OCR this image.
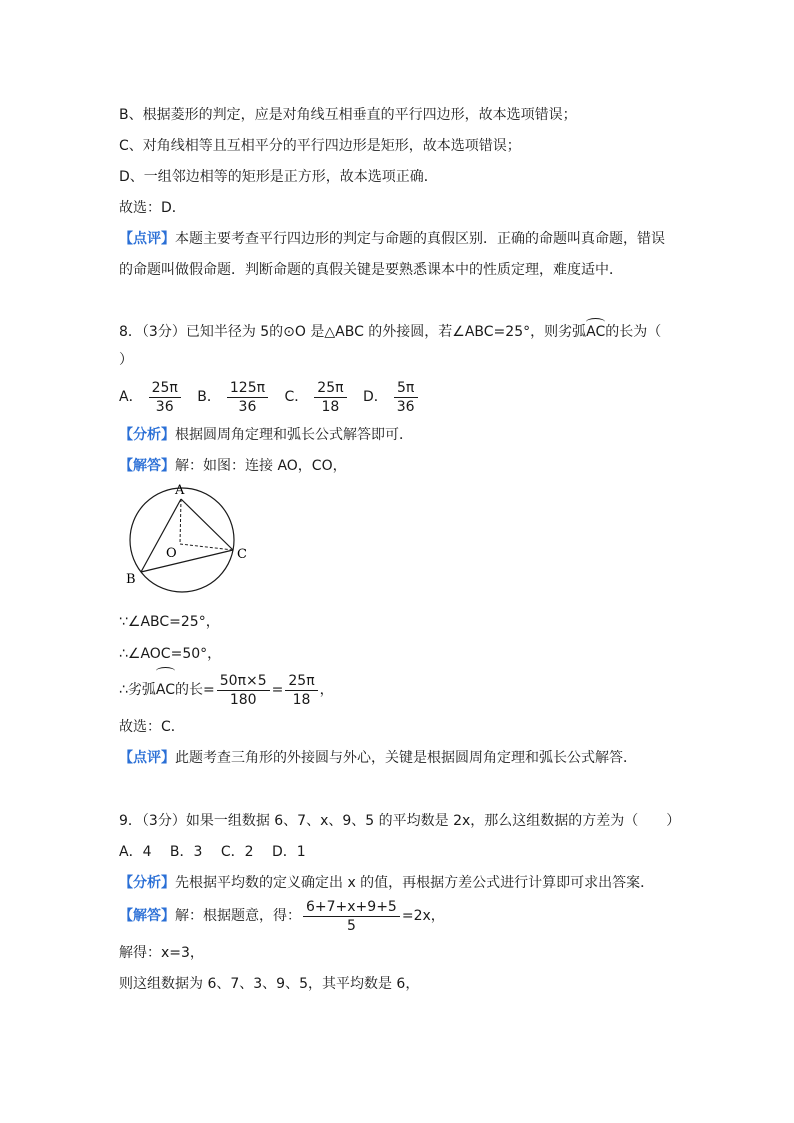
B、根据菱形的判定，应是对角线互相垂直的平行四边形，故本选项错误；
C、对角线相等且互相平分的平行四边形是矩形，故本选项错误；
D、一组邻边相等的矩形是正方形，故本选项正确．
故选：D．
【点评】本题主要考查平行四边形的判定与命题的真假区别．正确的命题叫真命题，错误
的命题叫做假命题．判断命题的真假关键是要熟悉课本中的性质定理，难度适中．
8．（3分）已知半径为 5的⊙O 是△ABC 的外接圆，若∠ABC=25°，则劣弧AC的长为（
）
A． $\frac{25\pi}{36}$
B． $\frac{125\pi}{36}$
C． $\frac{25\pi}{18}$
D． $\frac{5\pi}{36}$
【分析】根据圆周角定理和弧长公式解答即可．
【解答】解：如图：连接 AO，CO，
A
B
C
O
∵∠ABC=25°，
∴∠AOC=50°，
∴劣弧AC的长= $\frac{50\pi\times 5}{180} = \frac{25\pi}{18}$ ，
故选：C．
【点评】此题考查三角形的外接圆与外心，关键是根据圆周角定理和弧长公式解答．
9．（3分）如果一组数据 6、7、x、9、5 的平均数是 2x，那么这组数据的方差为（　　）
A．4　 B．3　 C．2　 D．1
【分析】先根据平均数的定义确定出 x 的值，再根据方差公式进行计算即可求出答案．
【解答】解：根据题意，得： $\frac{6+7+x+9+5}{5} =2x$，
解得：x=3，
则这组数据为 6、7、3、9、5，其平均数是 6，
